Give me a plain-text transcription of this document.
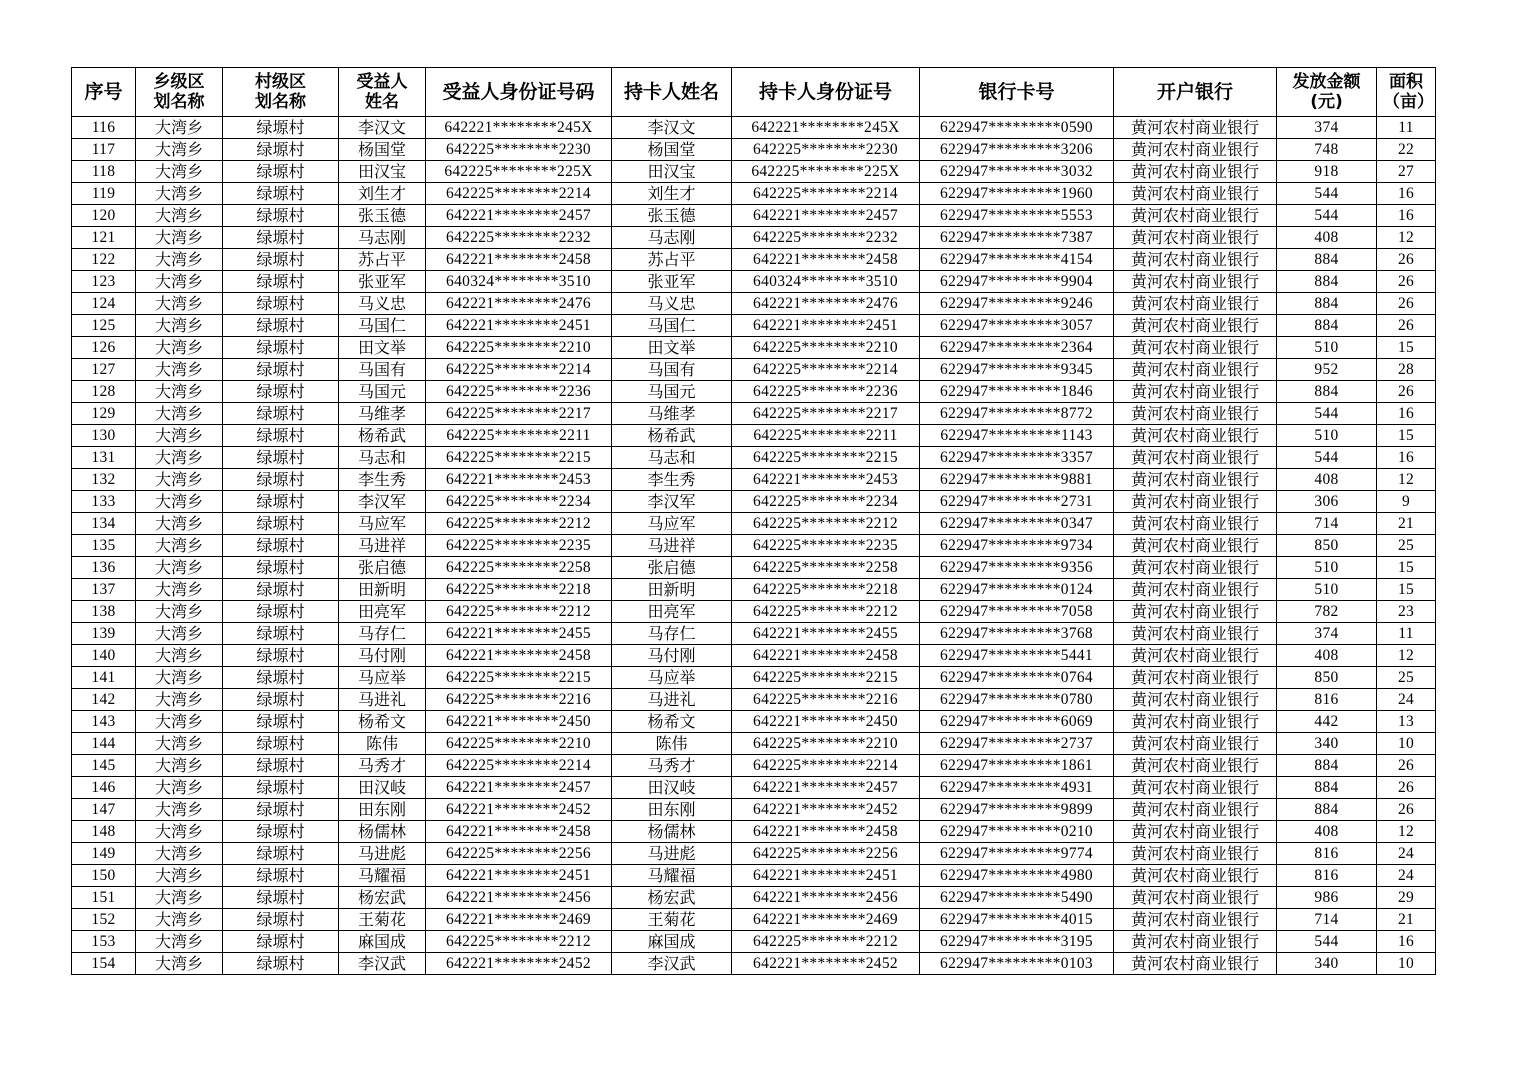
序号	乡级区划名称	村级区划名称	受益人姓名	受益人身份证号码	持卡人姓名	持卡人身份证号	银行卡号	开户银行	发放金额(元)	面积（亩）
116	大湾乡	绿塬村	李汉文	642221********245X	李汉文	642221********245X	622947*********0590	黄河农村商业银行	374	11
117	大湾乡	绿塬村	杨国堂	642225********2230	杨国堂	642225********2230	622947*********3206	黄河农村商业银行	748	22
118	大湾乡	绿塬村	田汉宝	642225********225X	田汉宝	642225********225X	622947*********3032	黄河农村商业银行	918	27
119	大湾乡	绿塬村	刘生才	642225********2214	刘生才	642225********2214	622947*********1960	黄河农村商业银行	544	16
120	大湾乡	绿塬村	张玉德	642221********2457	张玉德	642221********2457	622947*********5553	黄河农村商业银行	544	16
121	大湾乡	绿塬村	马志刚	642225********2232	马志刚	642225********2232	622947*********7387	黄河农村商业银行	408	12
122	大湾乡	绿塬村	苏占平	642221********2458	苏占平	642221********2458	622947*********4154	黄河农村商业银行	884	26
123	大湾乡	绿塬村	张亚军	640324********3510	张亚军	640324********3510	622947*********9904	黄河农村商业银行	884	26
124	大湾乡	绿塬村	马义忠	642221********2476	马义忠	642221********2476	622947*********9246	黄河农村商业银行	884	26
125	大湾乡	绿塬村	马国仁	642221********2451	马国仁	642221********2451	622947*********3057	黄河农村商业银行	884	26
126	大湾乡	绿塬村	田文举	642225********2210	田文举	642225********2210	622947*********2364	黄河农村商业银行	510	15
127	大湾乡	绿塬村	马国有	642225********2214	马国有	642225********2214	622947*********9345	黄河农村商业银行	952	28
128	大湾乡	绿塬村	马国元	642225********2236	马国元	642225********2236	622947*********1846	黄河农村商业银行	884	26
129	大湾乡	绿塬村	马维孝	642225********2217	马维孝	642225********2217	622947*********8772	黄河农村商业银行	544	16
130	大湾乡	绿塬村	杨希武	642225********2211	杨希武	642225********2211	622947*********1143	黄河农村商业银行	510	15
131	大湾乡	绿塬村	马志和	642225********2215	马志和	642225********2215	622947*********3357	黄河农村商业银行	544	16
132	大湾乡	绿塬村	李生秀	642221********2453	李生秀	642221********2453	622947*********9881	黄河农村商业银行	408	12
133	大湾乡	绿塬村	李汉军	642225********2234	李汉军	642225********2234	622947*********2731	黄河农村商业银行	306	9
134	大湾乡	绿塬村	马应军	642225********2212	马应军	642225********2212	622947*********0347	黄河农村商业银行	714	21
135	大湾乡	绿塬村	马进祥	642225********2235	马进祥	642225********2235	622947*********9734	黄河农村商业银行	850	25
136	大湾乡	绿塬村	张启德	642225********2258	张启德	642225********2258	622947*********9356	黄河农村商业银行	510	15
137	大湾乡	绿塬村	田新明	642225********2218	田新明	642225********2218	622947*********0124	黄河农村商业银行	510	15
138	大湾乡	绿塬村	田亮军	642225********2212	田亮军	642225********2212	622947*********7058	黄河农村商业银行	782	23
139	大湾乡	绿塬村	马存仁	642221********2455	马存仁	642221********2455	622947*********3768	黄河农村商业银行	374	11
140	大湾乡	绿塬村	马付刚	642221********2458	马付刚	642221********2458	622947*********5441	黄河农村商业银行	408	12
141	大湾乡	绿塬村	马应举	642225********2215	马应举	642225********2215	622947*********0764	黄河农村商业银行	850	25
142	大湾乡	绿塬村	马进礼	642225********2216	马进礼	642225********2216	622947*********0780	黄河农村商业银行	816	24
143	大湾乡	绿塬村	杨希文	642221********2450	杨希文	642221********2450	622947*********6069	黄河农村商业银行	442	13
144	大湾乡	绿塬村	陈伟	642225********2210	陈伟	642225********2210	622947*********2737	黄河农村商业银行	340	10
145	大湾乡	绿塬村	马秀才	642225********2214	马秀才	642225********2214	622947*********1861	黄河农村商业银行	884	26
146	大湾乡	绿塬村	田汉岐	642221********2457	田汉岐	642221********2457	622947*********4931	黄河农村商业银行	884	26
147	大湾乡	绿塬村	田东刚	642221********2452	田东刚	642221********2452	622947*********9899	黄河农村商业银行	884	26
148	大湾乡	绿塬村	杨儒林	642221********2458	杨儒林	642221********2458	622947*********0210	黄河农村商业银行	408	12
149	大湾乡	绿塬村	马进彪	642225********2256	马进彪	642225********2256	622947*********9774	黄河农村商业银行	816	24
150	大湾乡	绿塬村	马耀福	642221********2451	马耀福	642221********2451	622947*********4980	黄河农村商业银行	816	24
151	大湾乡	绿塬村	杨宏武	642221********2456	杨宏武	642221********2456	622947*********5490	黄河农村商业银行	986	29
152	大湾乡	绿塬村	王菊花	642221********2469	王菊花	642221********2469	622947*********4015	黄河农村商业银行	714	21
153	大湾乡	绿塬村	麻国成	642225********2212	麻国成	642225********2212	622947*********3195	黄河农村商业银行	544	16
154	大湾乡	绿塬村	李汉武	642221********2452	李汉武	642221********2452	622947*********0103	黄河农村商业银行	340	10
